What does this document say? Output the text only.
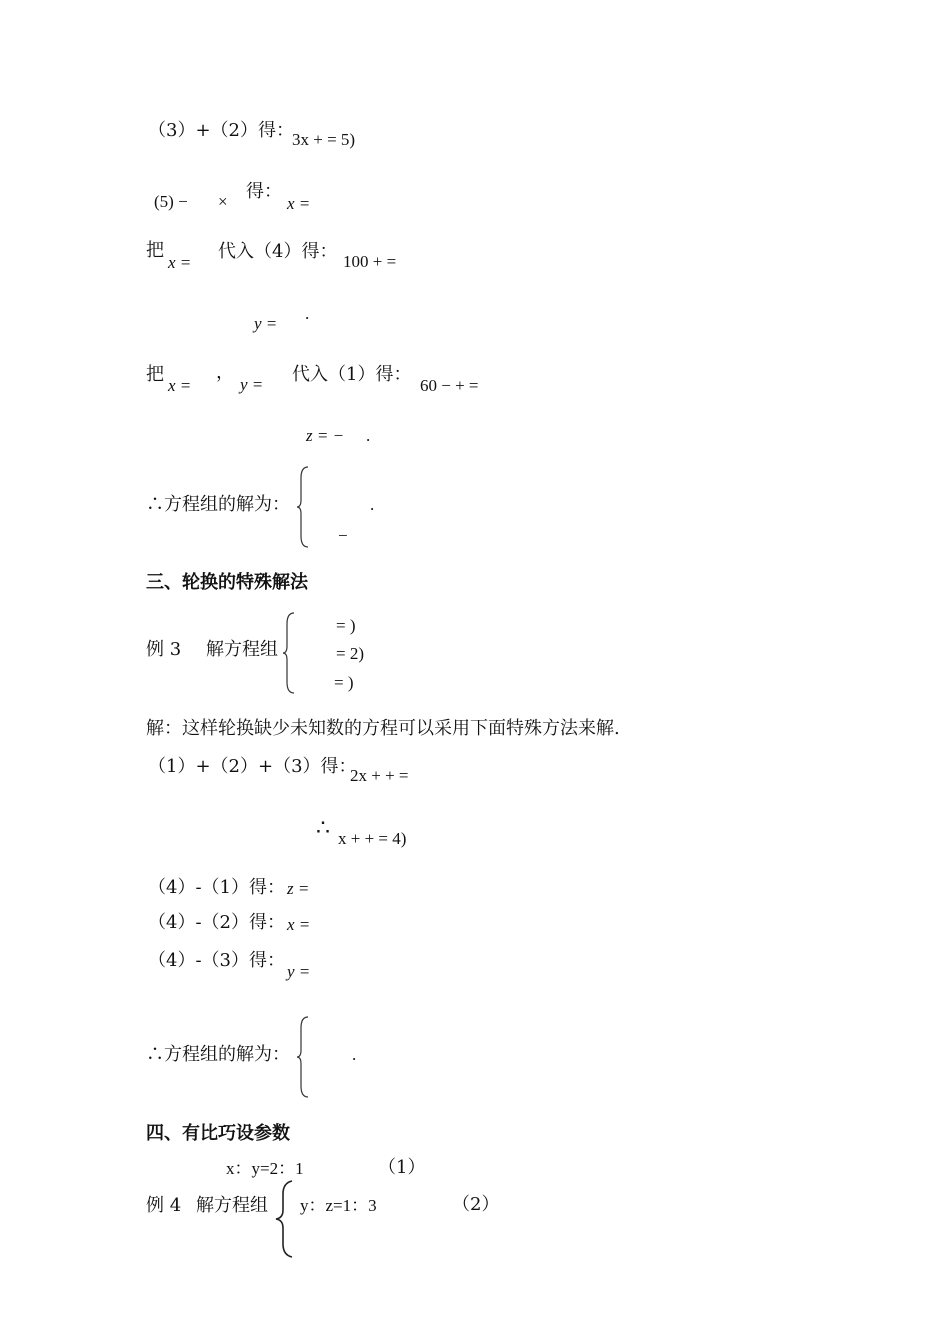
（3）+（2）得：
3x + = 5)
(5) − × 得：
x =
把
x =
代入（4）得： 100 + =
y =
.
把
x =
，
y = 代入（1）得：
60 − + =
z = − .
∴方程组的解为：	.
−
三、轮换的特殊解法
例 3 解方程组
= )
= 2)
= )
解：这样轮换缺少未知数的方程可以采用下面特殊方法来解.
（1）+（2）+（3）得：
2x + + =
∴ x + + = 4)
（4）-（1）得： z =
（4）-（2）得： x =
（4）-（3）得：
y =
∴方程组的解为：	.
四、有比巧设参数
x：y=2：1	（1）
例 4 解方程组 y：z=1：3	（2）
